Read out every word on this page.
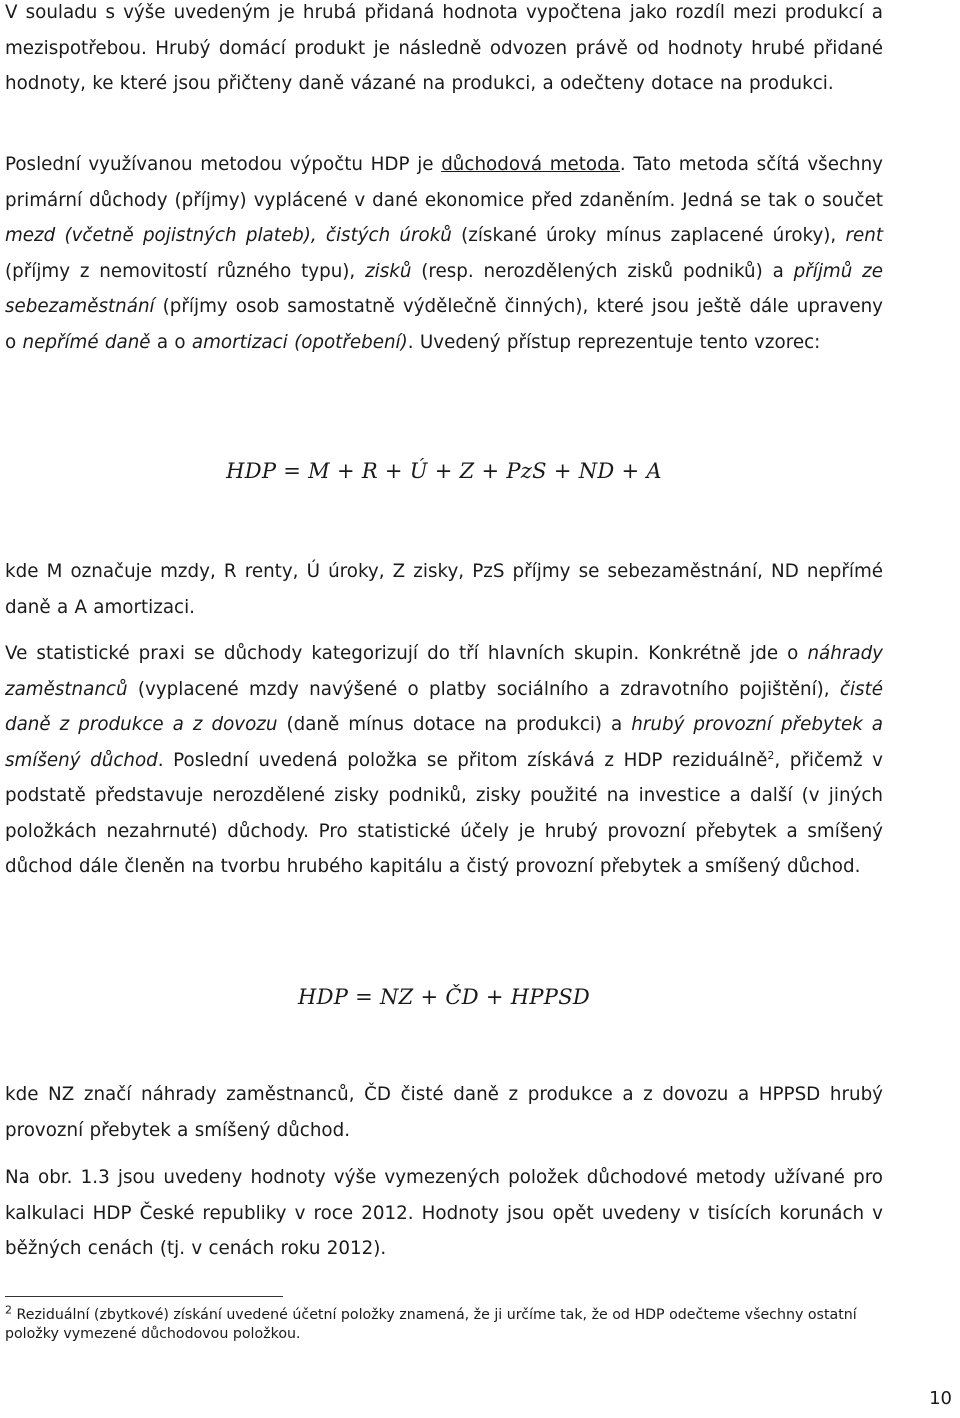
V souladu s výše uvedeným je hrubá přidaná hodnota vypočtena jako rozdíl mezi produkcí a mezispotřebou. Hrubý domácí produkt je následně odvozen právě od hodnoty hrubé přidané hodnoty, ke které jsou přičteny daně vázané na produkci, a odečteny dotace na produkci.

Poslední využívanou metodou výpočtu HDP je důchodová metoda. Tato metoda sčítá všechny primární důchody (příjmy) vyplácené v dané ekonomice před zdaněním. Jedná se tak o součet mezd (včetně pojistných plateb), čistých úroků (získané úroky mínus zaplacené úroky), rent (příjmy z nemovitostí různého typu), zisků (resp. nerozdělených zisků podniků) a příjmů ze sebezaměstnání (příjmy osob samostatně výdělečně činných), které jsou ještě dále upraveny o nepřímé daně a o amortizaci (opotřebení). Uvedený přístup reprezentuje tento vzorec:

HDP = M + R + Ú + Z + PzS + ND + A

kde M označuje mzdy, R renty, Ú úroky, Z zisky, PzS příjmy se sebezaměstnání, ND nepřímé daně a A amortizaci.

Ve statistické praxi se důchody kategorizují do tří hlavních skupin. Konkrétně jde o náhrady zaměstnanců (vyplacené mzdy navýšené o platby sociálního a zdravotního pojištění), čisté daně z produkce a z dovozu (daně mínus dotace na produkci) a hrubý provozní přebytek a smíšený důchod. Poslední uvedená položka se přitom získává z HDP reziduálně$^2$, přičemž v podstatě představuje nerozdělené zisky podniků, zisky použité na investice a další (v jiných položkách nezahrnuté) důchody. Pro statistické účely je hrubý provozní přebytek a smíšený důchod dále členěn na tvorbu hrubého kapitálu a čistý provozní přebytek a smíšený důchod.

HDP = NZ + ČD + HPPSD

kde NZ značí náhrady zaměstnanců, ČD čisté daně z produkce a z dovozu a HPPSD hrubý provozní přebytek a smíšený důchod.

Na obr. 1.3 jsou uvedeny hodnoty výše vymezených položek důchodové metody užívané pro kalkulaci HDP České republiky v roce 2012. Hodnoty jsou opět uvedeny v tisících korunách v běžných cenách (tj. v cenách roku 2012).

$^2$ Reziduální (zbytkové) získání uvedené účetní položky znamená, že ji určíme tak, že od HDP odečteme všechny ostatní položky vymezené důchodovou položkou.
10
